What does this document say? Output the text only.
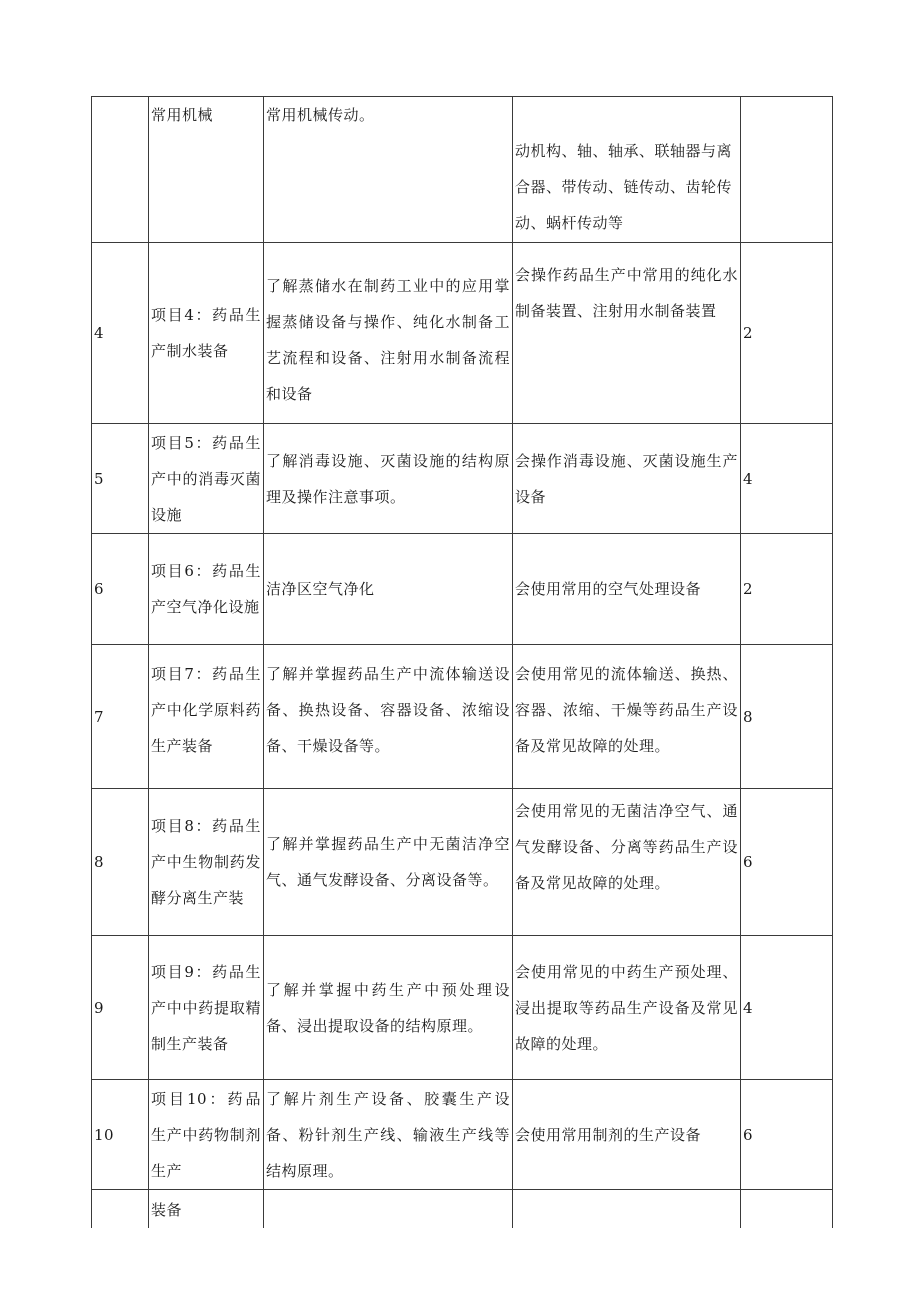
	常用机械	常用机械传动。	动机构、轴、轴承、联轴器与离合器、带传动、链传动、齿轮传动、蜗杆传动等	
4	项目4：药品生产制水装备	了解蒸储水在制药工业中的应用掌握蒸储设备与操作、纯化水制备工艺流程和设备、注射用水制备流程和设备	会操作药品生产中常用的纯化水制备装置、注射用水制备装置	2
5	项目5：药品生产中的消毒灭菌设施	了解消毒设施、灭菌设施的结构原理及操作注意事项。	会操作消毒设施、灭菌设施生产设备	4
6	项目6：药品生产空气净化设施	洁净区空气净化	会使用常用的空气处理设备	2
7	项目7：药品生产中化学原料药生产装备	了解并掌握药品生产中流体输送设备、换热设备、容器设备、浓缩设备、干燥设备等。	会使用常见的流体输送、换热、容器、浓缩、干燥等药品生产设备及常见故障的处理。	8
8	项目8：药品生产中生物制药发酵分离生产装	了解并掌握药品生产中无菌洁净空气、通气发酵设备、分离设备等。	会使用常见的无菌洁净空气、通气发酵设备、分离等药品生产设备及常见故障的处理。	6
9	项目9：药品生产中中药提取精制生产装备	了解并掌握中药生产中预处理设备、浸出提取设备的结构原理。	会使用常见的中药生产预处理、浸出提取等药品生产设备及常见故障的处理。	4
10	项目10：药品生产中药物制剂生产	了解片剂生产设备、胶囊生产设备、粉针剂生产线、输液生产线等结构原理。	会使用常用制剂的生产设备	6
	装备			
